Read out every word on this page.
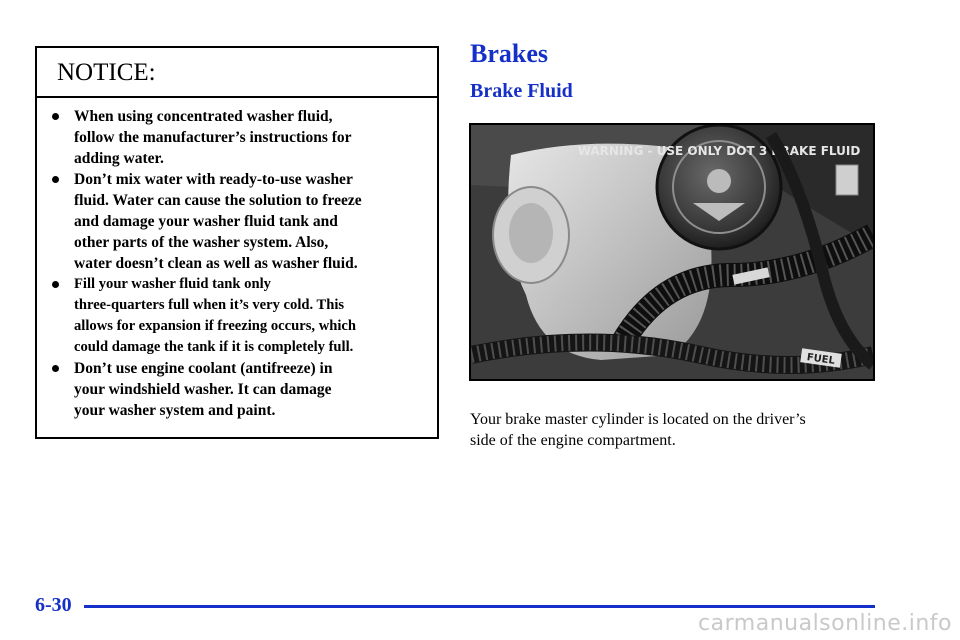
NOTICE:
When using concentrated washer fluid,
follow the manufacturer’s instructions for
adding water.
Don’t mix water with ready-to-use washer
fluid. Water can cause the solution to freeze
and damage your washer fluid tank and
other parts of the washer system. Also,
water doesn’t clean as well as washer fluid.
Fill your washer fluid tank only
three-quarters full when it’s very cold. This
allows for expansion if freezing occurs, which
could damage the tank if it is completely full.
Don’t use engine coolant (antifreeze) in
your windshield washer. It can damage
your washer system and paint.
Brakes
Brake Fluid
WARNING - USE ONLY DOT 3 BRAKE FLUID
FUEL

Your brake master cylinder is located on the driver’s
side of the engine compartment.

6-30
carmanualsonline.info
